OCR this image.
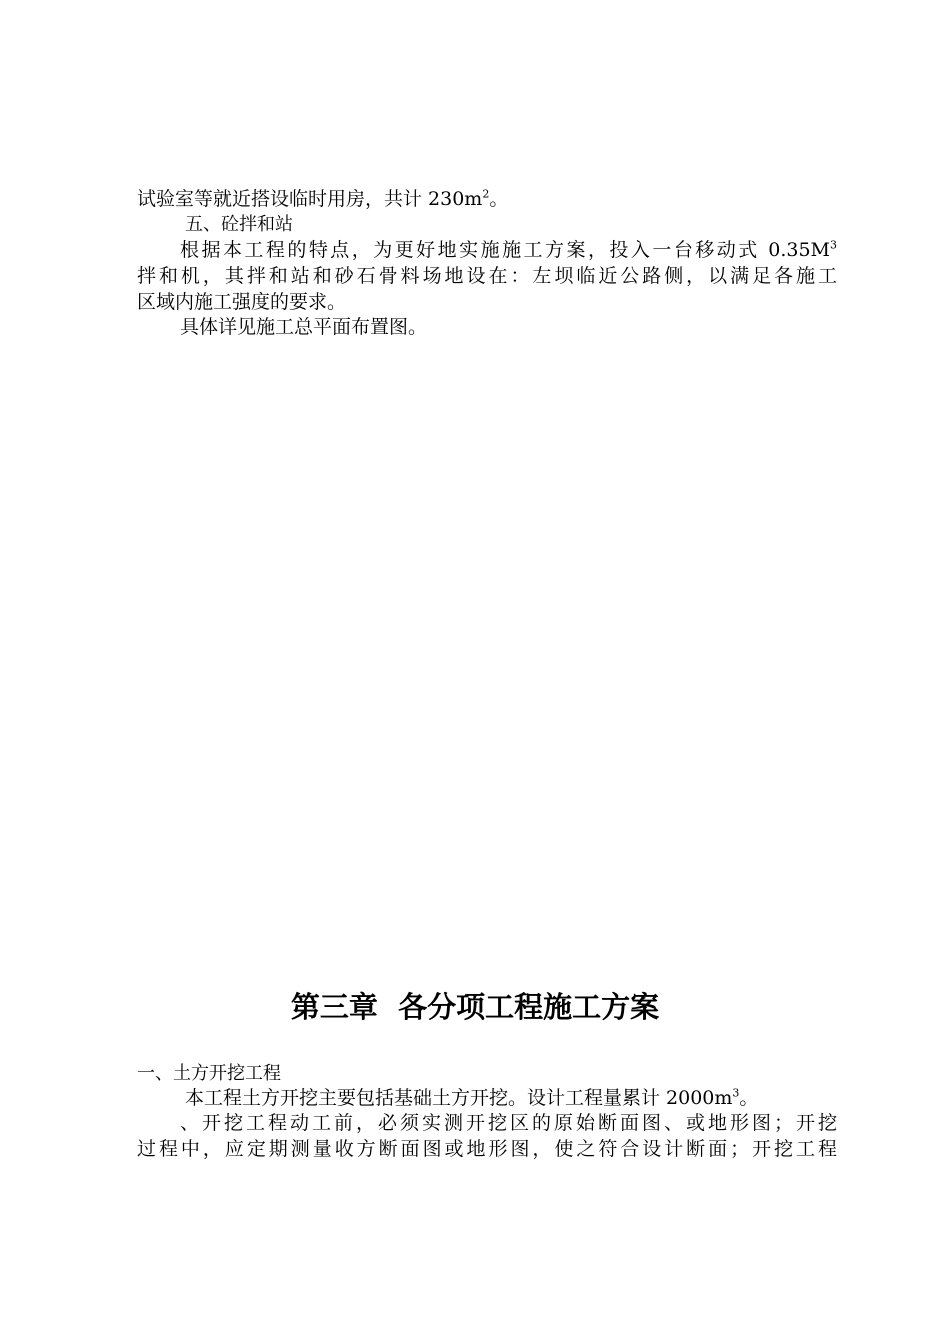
试验室等就近搭设临时用房，共计 $230m^2$。
五、砼拌和站
根据本工程的特点，为更好地实施施工方案，投入一台移动式 $0.35M^3$
拌和机，其拌和站和砂石骨料场地设在：左坝临近公路侧，以满足各施工
区域内施工强度的要求。
具体详见施工总平面布置图。
第三章  各分项工程施工方案
一、土方开挖工程
本工程土方开挖主要包括基础土方开挖。设计工程量累计 $2000m^3$。
、开挖工程动工前，必须实测开挖区的原始断面图、或地形图；开挖
过程中，应定期测量收方断面图或地形图，使之符合设计断面；开挖工程
